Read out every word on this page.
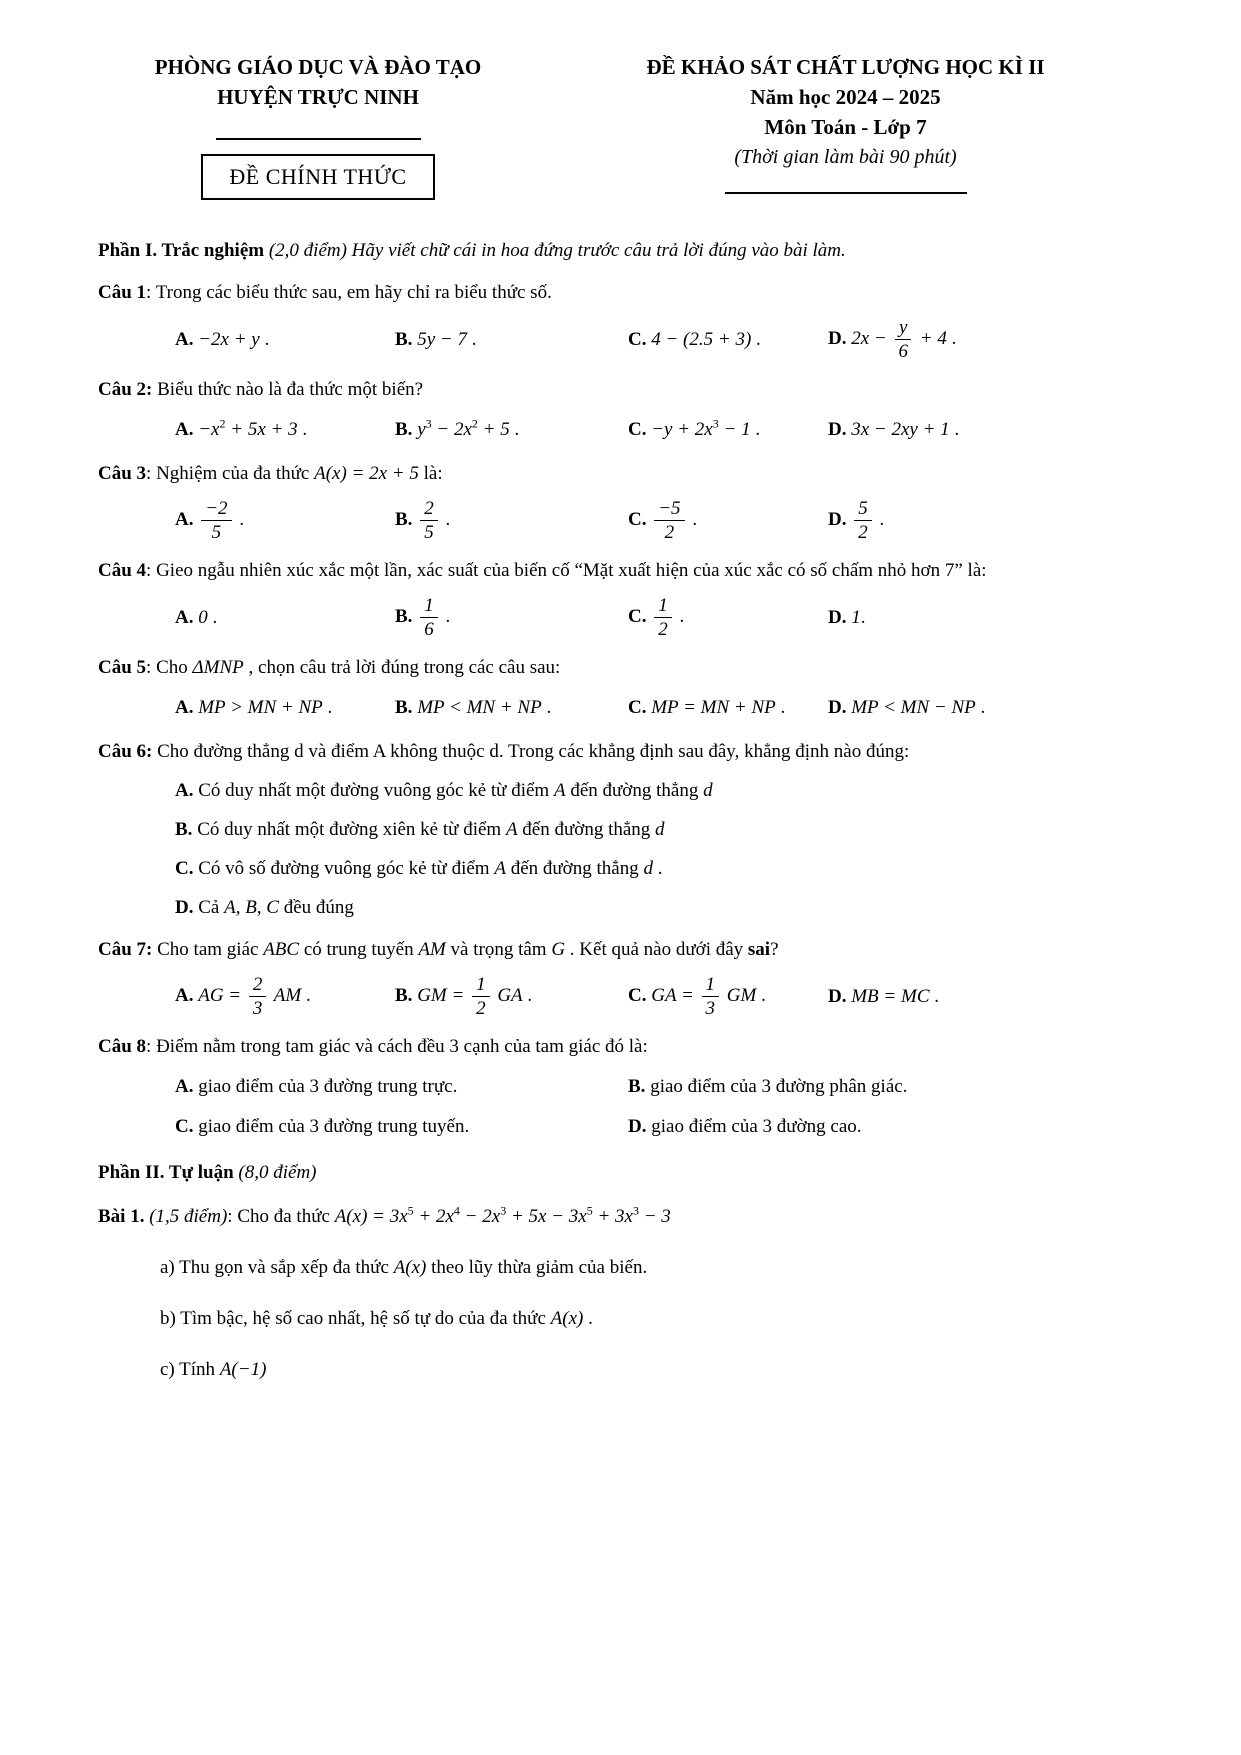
PHÒNG GIÁO DỤC VÀ ĐÀO TẠO
HUYỆN TRỰC NINH
ĐỀ CHÍNH THỨC
ĐỀ KHẢO SÁT CHẤT LƯỢNG HỌC KÌ II
Năm học 2024 – 2025
Môn Toán - Lớp 7
(Thời gian làm bài 90 phút)

Phần I. Trắc nghiệm (2,0 điểm) Hãy viết chữ cái in hoa đứng trước câu trả lời đúng vào bài làm.

Câu 1: Trong các biểu thức sau, em hãy chỉ ra biểu thức số.

A. −2x + y .	B. 5y − 7 .	C. 4 − (2.5 + 3) .	D. $2x - \frac{y}{6} + 4$ .

Câu 2: Biểu thức nào là đa thức một biến?

A. $-x^2 + 5x + 3$ .	B. $y^3 - 2x^2 + 5$ .	C. $-y + 2x^3 - 1$ .	D. 3x − 2xy + 1 .

Câu 3: Nghiệm của đa thức A(x) = 2x + 5 là:

A. $\frac{-2}{5}$ .	B. $\frac{2}{5}$ .	C. $\frac{-5}{2}$ .	D. $\frac{5}{2}$ .

Câu 4: Gieo ngẫu nhiên xúc xắc một lần, xác suất của biến cố “Mặt xuất hiện của xúc xắc có số chấm nhỏ hơn 7” là:

A. 0 .	B. $\frac{1}{6}$ .	C. $\frac{1}{2}$ .	D. 1.

Câu 5: Cho ΔMNP , chọn câu trả lời đúng trong các câu sau:

A. MP > MN + NP .	B. MP < MN + NP .	C. MP = MN + NP .	D. MP < MN − NP .

Câu 6: Cho đường thẳng d và điểm A không thuộc d. Trong các khẳng định sau đây, khẳng định nào đúng:

A. Có duy nhất một đường vuông góc kẻ từ điểm A đến đường thẳng d
B. Có duy nhất một đường xiên kẻ từ điểm A đến đường thẳng d
C. Có vô số đường vuông góc kẻ từ điểm A đến đường thẳng d .
D. Cả A, B, C đều đúng

Câu 7: Cho tam giác ABC có trung tuyến AM và trọng tâm G . Kết quả nào dưới đây sai?

A. AG = $\frac{2}{3}$ AM .	B. GM = $\frac{1}{2}$ GA .	C. GA = $\frac{1}{3}$ GM .	D. MB = MC .

Câu 8: Điểm nằm trong tam giác và cách đều 3 cạnh của tam giác đó là:

A. giao điểm của 3 đường trung trực.	B. giao điểm của 3 đường phân giác.
C. giao điểm của 3 đường trung tuyến.	D. giao điểm của 3 đường cao.

Phần II. Tự luận (8,0 điểm)

Bài 1. (1,5 điểm): Cho đa thức $A(x) = 3x^5 + 2x^4 - 2x^3 + 5x - 3x^5 + 3x^3 - 3$

a) Thu gọn và sắp xếp đa thức A(x) theo lũy thừa giảm của biến.

b) Tìm bậc, hệ số cao nhất, hệ số tự do của đa thức A(x) .

c) Tính A(−1)
